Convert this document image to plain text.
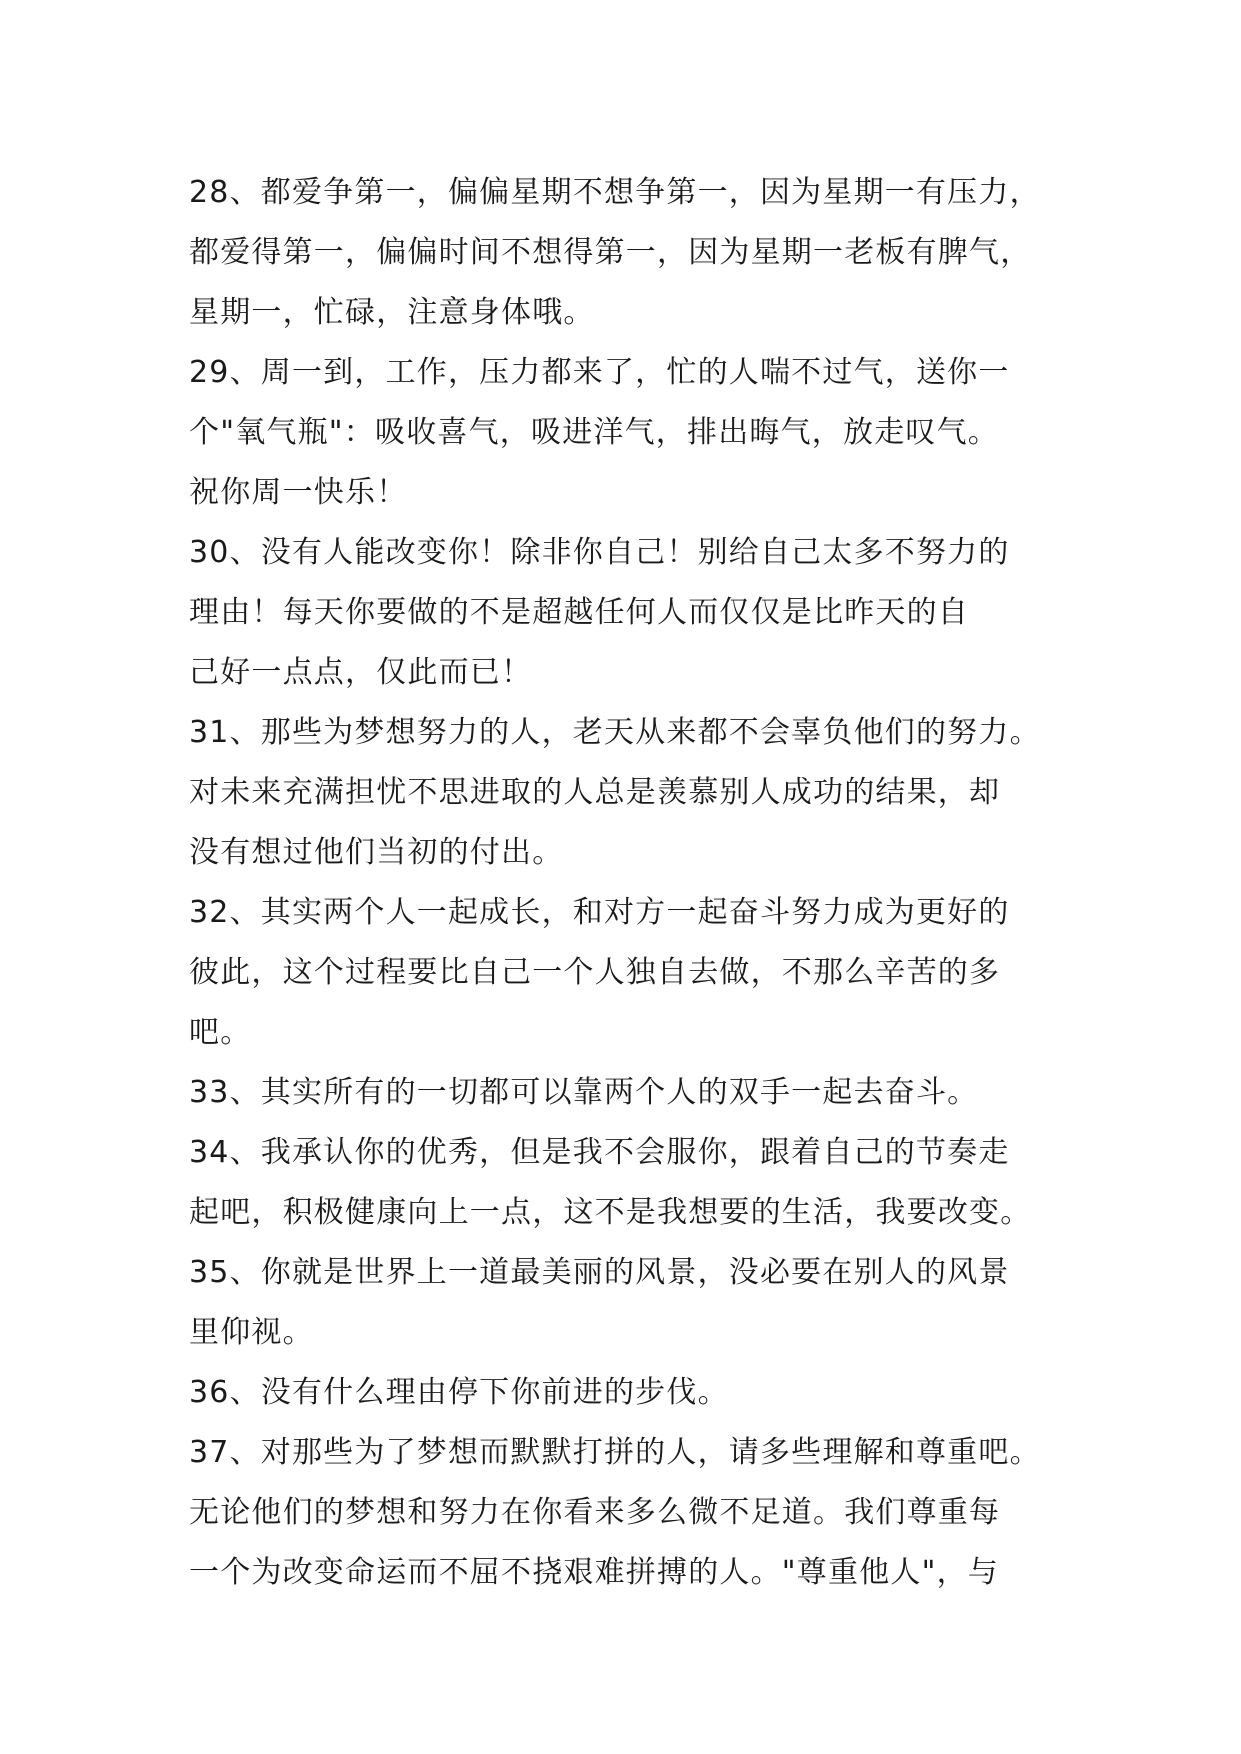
28、都爱争第一，偏偏星期不想争第一，因为星期一有压力，
都爱得第一，偏偏时间不想得第一，因为星期一老板有脾气，
星期一，忙碌，注意身体哦。
29、周一到，工作，压力都来了，忙的人喘不过气，送你一
个"氧气瓶"：吸收喜气，吸进洋气，排出晦气，放走叹气。
祝你周一快乐！
30、没有人能改变你！除非你自己！别给自己太多不努力的
理由！每天你要做的不是超越任何人而仅仅是比昨天的自
己好一点点，仅此而已！
31、那些为梦想努力的人，老天从来都不会辜负他们的努力。
对未来充满担忧不思进取的人总是羡慕别人成功的结果，却
没有想过他们当初的付出。
32、其实两个人一起成长，和对方一起奋斗努力成为更好的
彼此，这个过程要比自己一个人独自去做，不那么辛苦的多
吧。
33、其实所有的一切都可以靠两个人的双手一起去奋斗。
34、我承认你的优秀，但是我不会服你，跟着自己的节奏走
起吧，积极健康向上一点，这不是我想要的生活，我要改变。
35、你就是世界上一道最美丽的风景，没必要在别人的风景
里仰视。
36、没有什么理由停下你前进的步伐。
37、对那些为了梦想而默默打拼的人，请多些理解和尊重吧。
无论他们的梦想和努力在你看来多么微不足道。我们尊重每
一个为改变命运而不屈不挠艰难拼搏的人。"尊重他人"，与
